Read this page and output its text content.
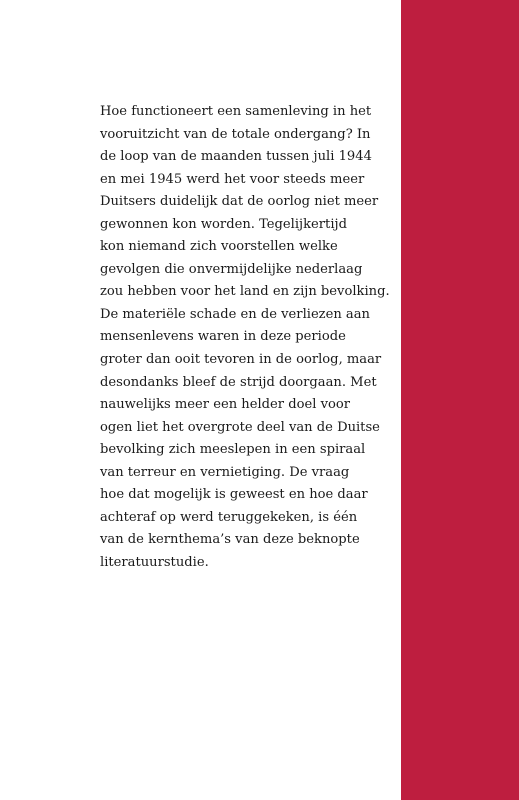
Hoe functioneert een samenleving in het
vooruitzicht van de totale ondergang? In
de loop van de maanden tussen juli 1944
en mei 1945 werd het voor steeds meer
Duitsers duidelijk dat de oorlog niet meer
gewonnen kon worden. Tegelijkertijd
kon niemand zich voorstellen welke
gevolgen die onvermijdelijke nederlaag
zou hebben voor het land en zijn bevolking.
De materiële schade en de verliezen aan
mensenlevens waren in deze periode
groter dan ooit tevoren in de oorlog, maar
desondanks bleef de strijd doorgaan. Met
nauwelijks meer een helder doel voor
ogen liet het overgrote deel van de Duitse
bevolking zich meeslepen in een spiraal
van terreur en vernietiging. De vraag
hoe dat mogelijk is geweest en hoe daar
achteraf op werd teruggekeken, is één
van de kernthema’s van deze beknopte
literatuurstudie.
